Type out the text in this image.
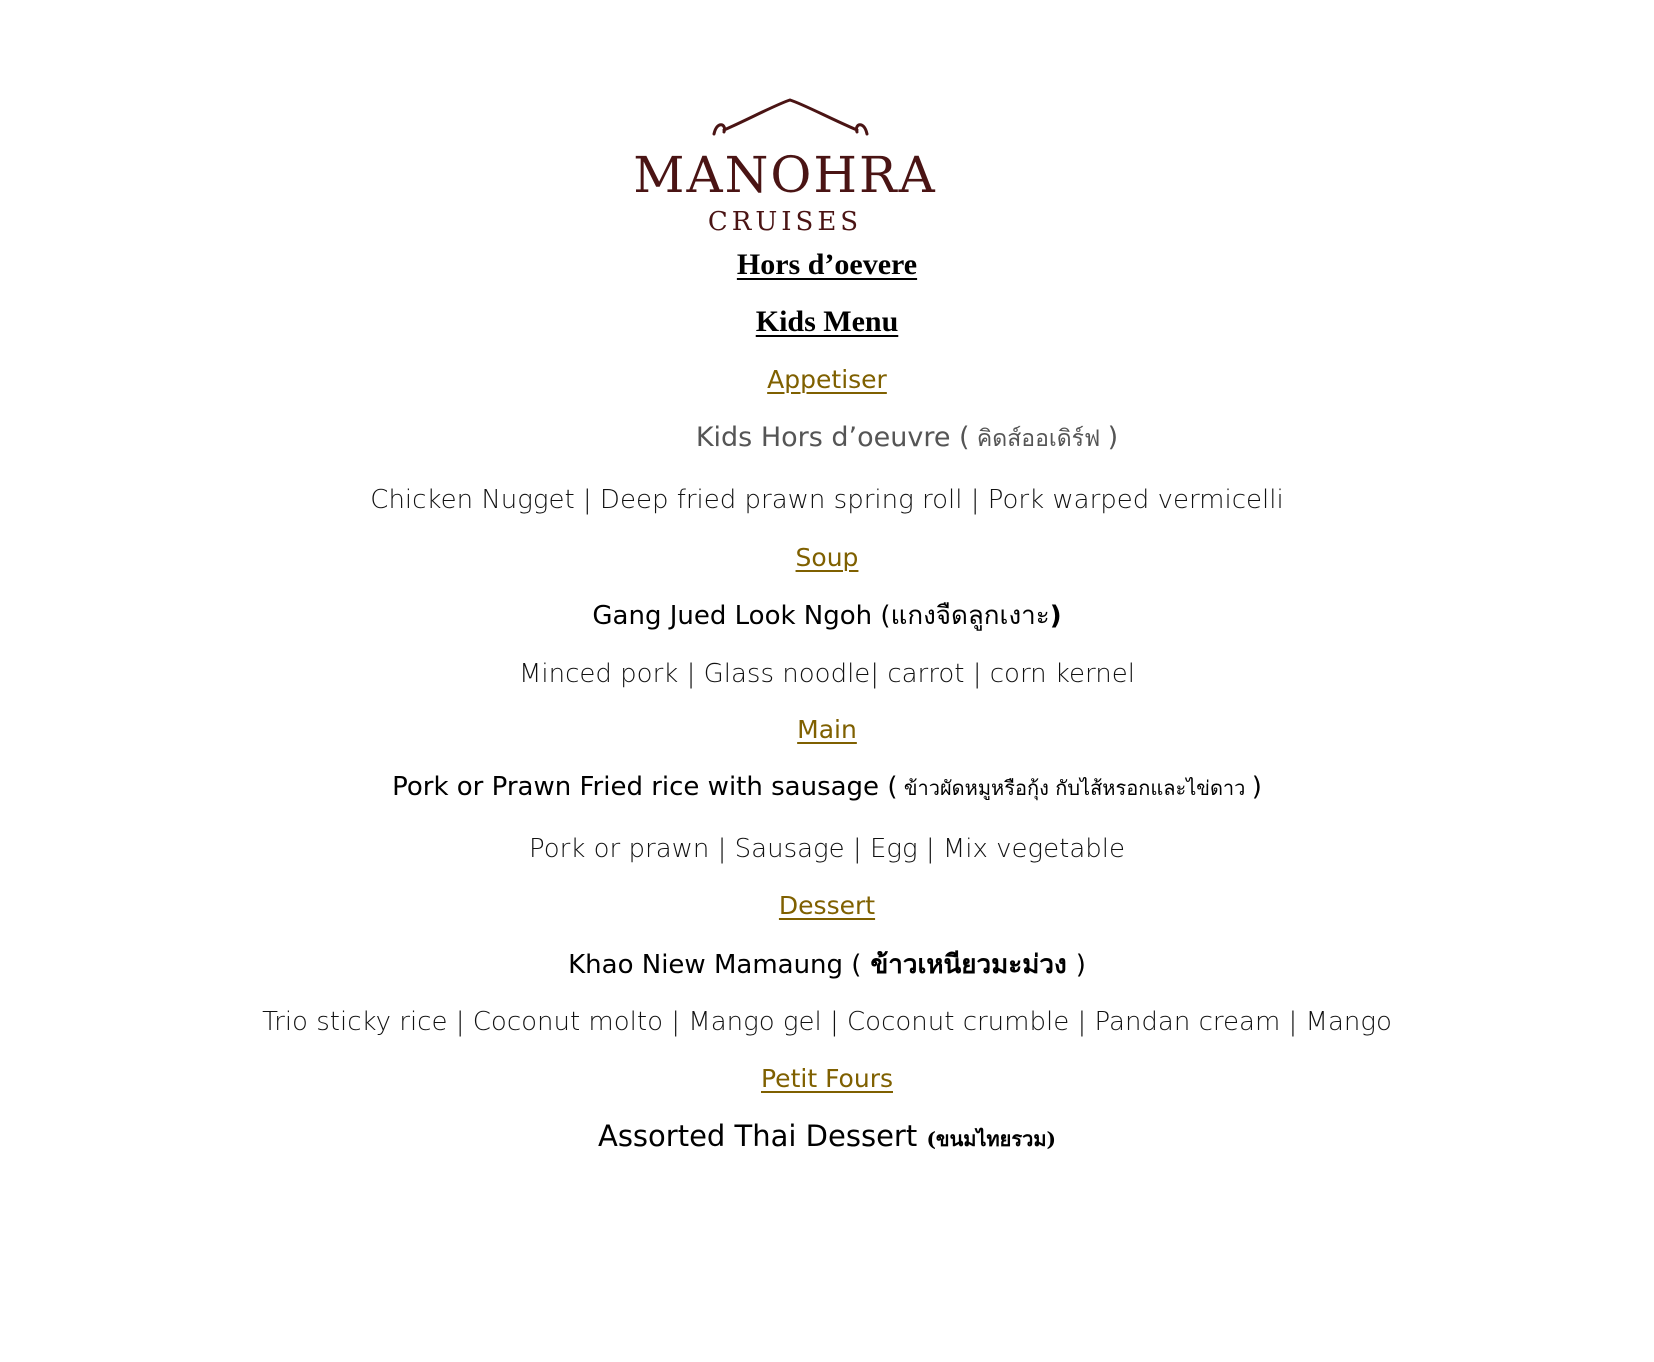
MANOHRA
CRUISES
Hors d’oevere
Kids Menu
Appetiser
Kids Hors d’oeuvre ( คิดส์ออเดิร์ฟ )
Chicken Nugget | Deep fried prawn spring roll | Pork warped vermicelli
Soup
Gang Jued Look Ngoh (แกงจืดลูกเงาะ)
Minced pork | Glass noodle| carrot | corn kernel
Main
Pork or Prawn Fried rice with sausage ( ข้าวผัดหมูหรือกุ้ง กับไส้หรอกและไข่ดาว )
Pork or prawn | Sausage | Egg | Mix vegetable
Dessert
Khao Niew Mamaung ( ข้าวเหนียวมะม่วง )
Trio sticky rice | Coconut molto | Mango gel | Coconut crumble | Pandan cream | Mango
Petit Fours
Assorted Thai Dessert (ขนมไทยรวม)
